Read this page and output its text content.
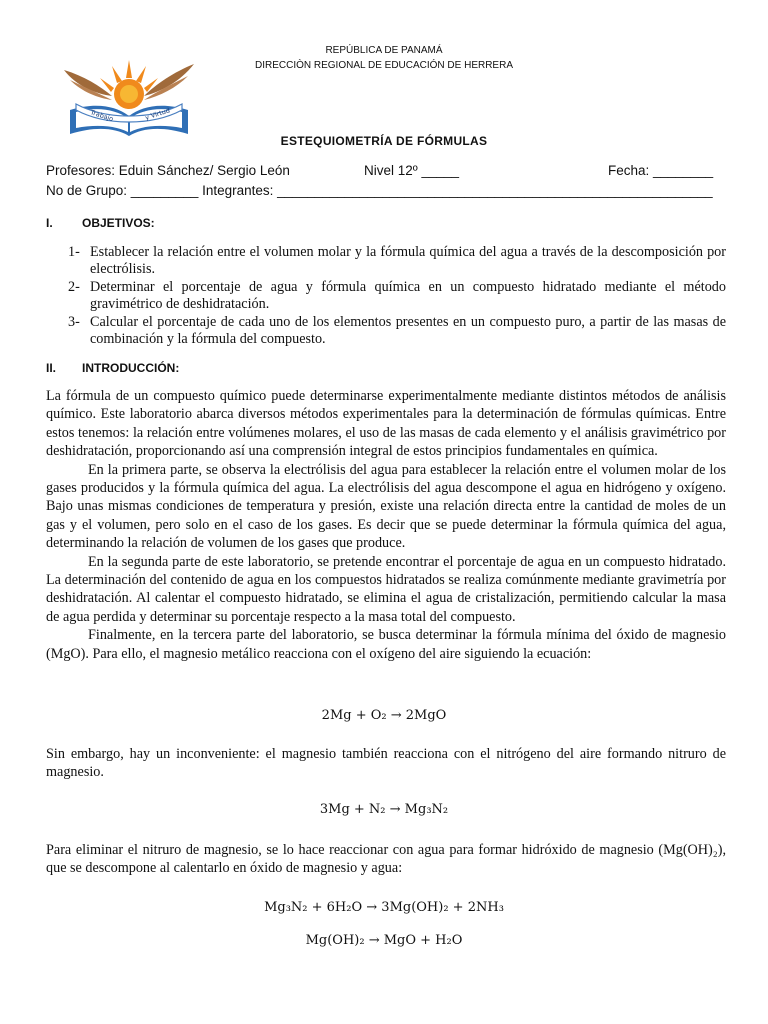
REPÚBLICA DE PANAMÁ
DIRECCIÒN REGIONAL DE EDUCACIÓN DE HERRERA
Trabajo	y Virtud
ESTEQUIOMETRÍA DE FÓRMULAS
Profesores: Eduin Sánchez/ Sergio León	Nivel 12º _____	Fecha: ________
No de Grupo: _________ Integrantes: __________________________________________________________
I. OBJETIVOS:
1- Establecer la relación entre el volumen molar y la fórmula química del agua a través de la descomposición por electrólisis.
2- Determinar el porcentaje de agua y fórmula química en un compuesto hidratado mediante el método gravimétrico de deshidratación.
3- Calcular el porcentaje de cada uno de los elementos presentes en un compuesto puro, a partir de las masas de combinación y la fórmula del compuesto.
II. INTRODUCCIÓN:

La fórmula de un compuesto químico puede determinarse experimentalmente mediante distintos métodos de análisis químico. Este laboratorio abarca diversos métodos experimentales para la determinación de fórmulas químicas. Entre estos tenemos: la relación entre volúmenes molares, el uso de las masas de cada elemento y el análisis gravimétrico por deshidratación, proporcionando así una comprensión integral de estos principios fundamentales en química.

En la primera parte, se observa la electrólisis del agua para establecer la relación entre el volumen molar de los gases producidos y la fórmula química del agua. La electrólisis del agua descompone el agua en hidrógeno y oxígeno. Bajo unas mismas condiciones de temperatura y presión, existe una relación directa entre la cantidad de moles de un gas y el volumen, pero solo en el caso de los gases. Es decir que se puede determinar la fórmula química del agua, determinando la relación de volumen de los gases que produce.

En la segunda parte de este laboratorio, se pretende encontrar el porcentaje de agua en un compuesto hidratado. La determinación del contenido de agua en los compuestos hidratados se realiza comúnmente mediante gravimetría por deshidratación. Al calentar el compuesto hidratado, se elimina el agua de cristalización, permitiendo calcular la masa de agua perdida y determinar su porcentaje respecto a la masa total del compuesto.

Finalmente, en la tercera parte del laboratorio, se busca determinar la fórmula mínima del óxido de magnesio (MgO). Para ello, el magnesio metálico reacciona con el oxígeno del aire siguiendo la ecuación:

2Mg + O₂ → 2MgO
Sin embargo, hay un inconveniente: el magnesio también reacciona con el nitrógeno del aire formando nitruro de magnesio.
3Mg + N₂ → Mg₃N₂
Para eliminar el nitruro de magnesio, se lo hace reaccionar con agua para formar hidróxido de magnesio (Mg(OH)₂), que se descompone al calentarlo en óxido de magnesio y agua:
Mg₃N₂ + 6H₂O → 3Mg(OH)₂ + 2NH₃
Mg(OH)₂ → MgO + H₂O
